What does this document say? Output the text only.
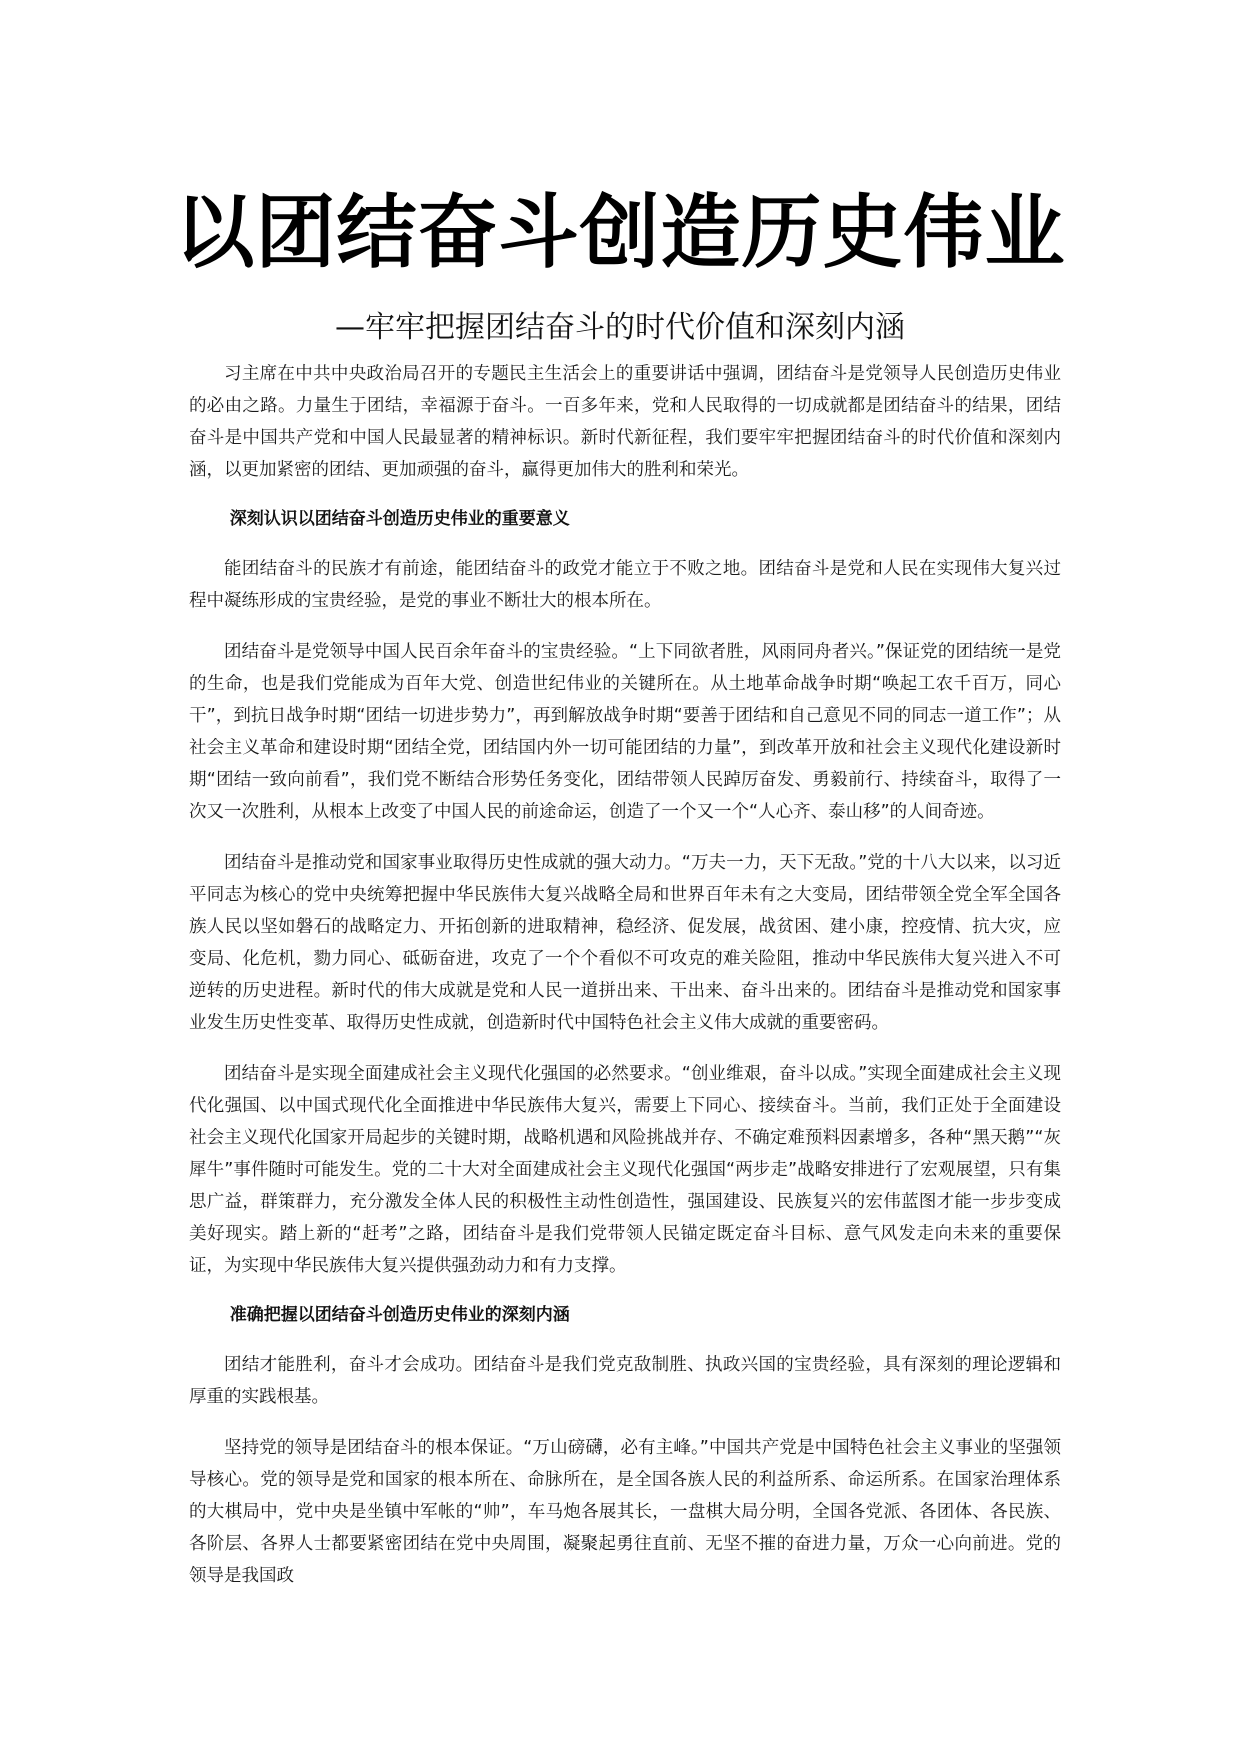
以团结奋斗创造历史伟业
—牢牢把握团结奋斗的时代价值和深刻内涵

习主席在中共中央政治局召开的专题民主生活会上的重要讲话中强调，团结奋斗是党领导人民创造历史伟业的必由之路。力量生于团结，幸福源于奋斗。一百多年来，党和人民取得的一切成就都是团结奋斗的结果，团结奋斗是中国共产党和中国人民最显著的精神标识。新时代新征程，我们要牢牢把握团结奋斗的时代价值和深刻内涵，以更加紧密的团结、更加顽强的奋斗，赢得更加伟大的胜利和荣光。

深刻认识以团结奋斗创造历史伟业的重要意义

能团结奋斗的民族才有前途，能团结奋斗的政党才能立于不败之地。团结奋斗是党和人民在实现伟大复兴过程中凝练形成的宝贵经验，是党的事业不断壮大的根本所在。

团结奋斗是党领导中国人民百余年奋斗的宝贵经验。“上下同欲者胜，风雨同舟者兴。”保证党的团结统一是党的生命，也是我们党能成为百年大党、创造世纪伟业的关键所在。从土地革命战争时期“唤起工农千百万，同心干”，到抗日战争时期“团结一切进步势力”，再到解放战争时期“要善于团结和自己意见不同的同志一道工作”；从社会主义革命和建设时期“团结全党，团结国内外一切可能团结的力量”，到改革开放和社会主义现代化建设新时期“团结一致向前看”，我们党不断结合形势任务变化，团结带领人民踔厉奋发、勇毅前行、持续奋斗，取得了一次又一次胜利，从根本上改变了中国人民的前途命运，创造了一个又一个“人心齐、泰山移”的人间奇迹。

团结奋斗是推动党和国家事业取得历史性成就的强大动力。“万夫一力，天下无敌。”党的十八大以来，以习近平同志为核心的党中央统筹把握中华民族伟大复兴战略全局和世界百年未有之大变局，团结带领全党全军全国各族人民以坚如磐石的战略定力、开拓创新的进取精神，稳经济、促发展，战贫困、建小康，控疫情、抗大灾，应变局、化危机，勠力同心、砥砺奋进，攻克了一个个看似不可攻克的难关险阻，推动中华民族伟大复兴进入不可逆转的历史进程。新时代的伟大成就是党和人民一道拼出来、干出来、奋斗出来的。团结奋斗是推动党和国家事业发生历史性变革、取得历史性成就，创造新时代中国特色社会主义伟大成就的重要密码。

团结奋斗是实现全面建成社会主义现代化强国的必然要求。“创业维艰，奋斗以成。”实现全面建成社会主义现代化强国、以中国式现代化全面推进中华民族伟大复兴，需要上下同心、接续奋斗。当前，我们正处于全面建设社会主义现代化国家开局起步的关键时期，战略机遇和风险挑战并存、不确定难预料因素增多，各种“黑天鹅”“灰犀牛”事件随时可能发生。党的二十大对全面建成社会主义现代化强国“两步走”战略安排进行了宏观展望，只有集思广益，群策群力，充分激发全体人民的积极性主动性创造性，强国建设、民族复兴的宏伟蓝图才能一步步变成美好现实。踏上新的“赶考”之路，团结奋斗是我们党带领人民锚定既定奋斗目标、意气风发走向未来的重要保证，为实现中华民族伟大复兴提供强劲动力和有力支撑。

准确把握以团结奋斗创造历史伟业的深刻内涵

团结才能胜利，奋斗才会成功。团结奋斗是我们党克敌制胜、执政兴国的宝贵经验，具有深刻的理论逻辑和厚重的实践根基。

坚持党的领导是团结奋斗的根本保证。“万山磅礴，必有主峰。”中国共产党是中国特色社会主义事业的坚强领导核心。党的领导是党和国家的根本所在、命脉所在，是全国各族人民的利益所系、命运所系。在国家治理体系的大棋局中，党中央是坐镇中军帐的“帅”，车马炮各展其长，一盘棋大局分明，全国各党派、各团体、各民族、各阶层、各界人士都要紧密团结在党中央周围，凝聚起勇往直前、无坚不摧的奋进力量，万众一心向前进。党的领导是我国政
